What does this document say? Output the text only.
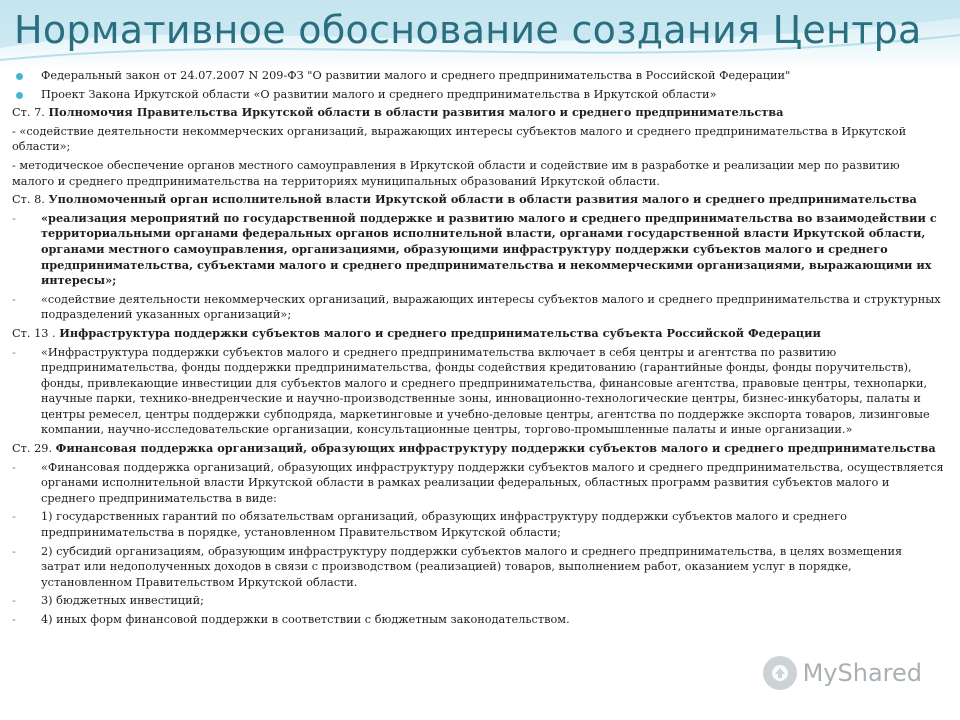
Нормативное обоснование создания Центра
Федеральный закон от 24.07.2007 N 209-ФЗ "О развитии малого и среднего предпринимательства в Российской Федерации"
Проект Закона Иркутской области «О развитии малого и среднего предпринимательства в Иркутской области»
Ст. 7. Полномочия Правительства Иркутской области в области развития малого и среднего предпринимательства
- «содействие деятельности некоммерческих организаций, выражающих интересы субъектов малого и среднего предпринимательства в Иркутской области»;
- методическое обеспечение органов местного самоуправления в Иркутской области и содействие им в разработке и реализации мер по развитию малого и среднего предпринимательства на территориях муниципальных образований Иркутской области.
Ст. 8. Уполномоченный орган исполнительной власти Иркутской области в области развития малого и среднего предпринимательства
- «реализация мероприятий по государственной поддержке и развитию малого и среднего предпринимательства во взаимодействии с территориальными органами федеральных органов исполнительной власти, органами государственной власти Иркутской области, органами местного самоуправления, организациями, образующими инфраструктуру поддержки субъектов малого и среднего предпринимательства, субъектами малого и среднего предпринимательства и некоммерческими организациями, выражающими их интересы»;
- «содействие деятельности некоммерческих организаций, выражающих интересы субъектов малого и среднего предпринимательства и структурных подразделений указанных организаций»;
Ст. 13 . Инфраструктура поддержки субъектов малого и среднего предпринимательства субъекта Российской Федерации
- «Инфраструктура поддержки субъектов малого и среднего предпринимательства включает в себя центры и агентства по развитию предпринимательства, фонды поддержки предпринимательства, фонды содействия кредитованию (гарантийные фонды, фонды поручительств), фонды, привлекающие инвестиции для субъектов малого и среднего предпринимательства, финансовые агентства, правовые центры, технопарки, научные парки, технико-внедренческие и научно-производственные зоны, инновационно-технологические центры, бизнес-инкубаторы, палаты и центры ремесел, центры поддержки субподряда, маркетинговые и учебно-деловые центры, агентства по поддержке экспорта товаров, лизинговые компании, научно-исследовательские организации, консультационные центры, торгово-промышленные палаты и иные организации.»
Ст. 29. Финансовая поддержка организаций, образующих инфраструктуру поддержки субъектов малого и среднего предпринимательства
- «Финансовая поддержка организаций, образующих инфраструктуру поддержки субъектов малого и среднего предпринимательства, осуществляется органами исполнительной власти Иркутской области в рамках реализации федеральных, областных программ развития субъектов малого и среднего предпринимательства в виде:
- 1) государственных гарантий по обязательствам организаций, образующих инфраструктуру поддержки субъектов малого и среднего предпринимательства в порядке, установленном Правительством Иркутской области;
- 2) субсидий организациям, образующим инфраструктуру поддержки субъектов малого и среднего предпринимательства, в целях возмещения затрат или недополученных доходов в связи с производством (реализацией) товаров, выполнением работ, оказанием услуг в порядке, установленном Правительством Иркутской области.
- 3) бюджетных инвестиций;
- 4) иных форм финансовой поддержки в соответствии с бюджетным законодательством.
MyShared
